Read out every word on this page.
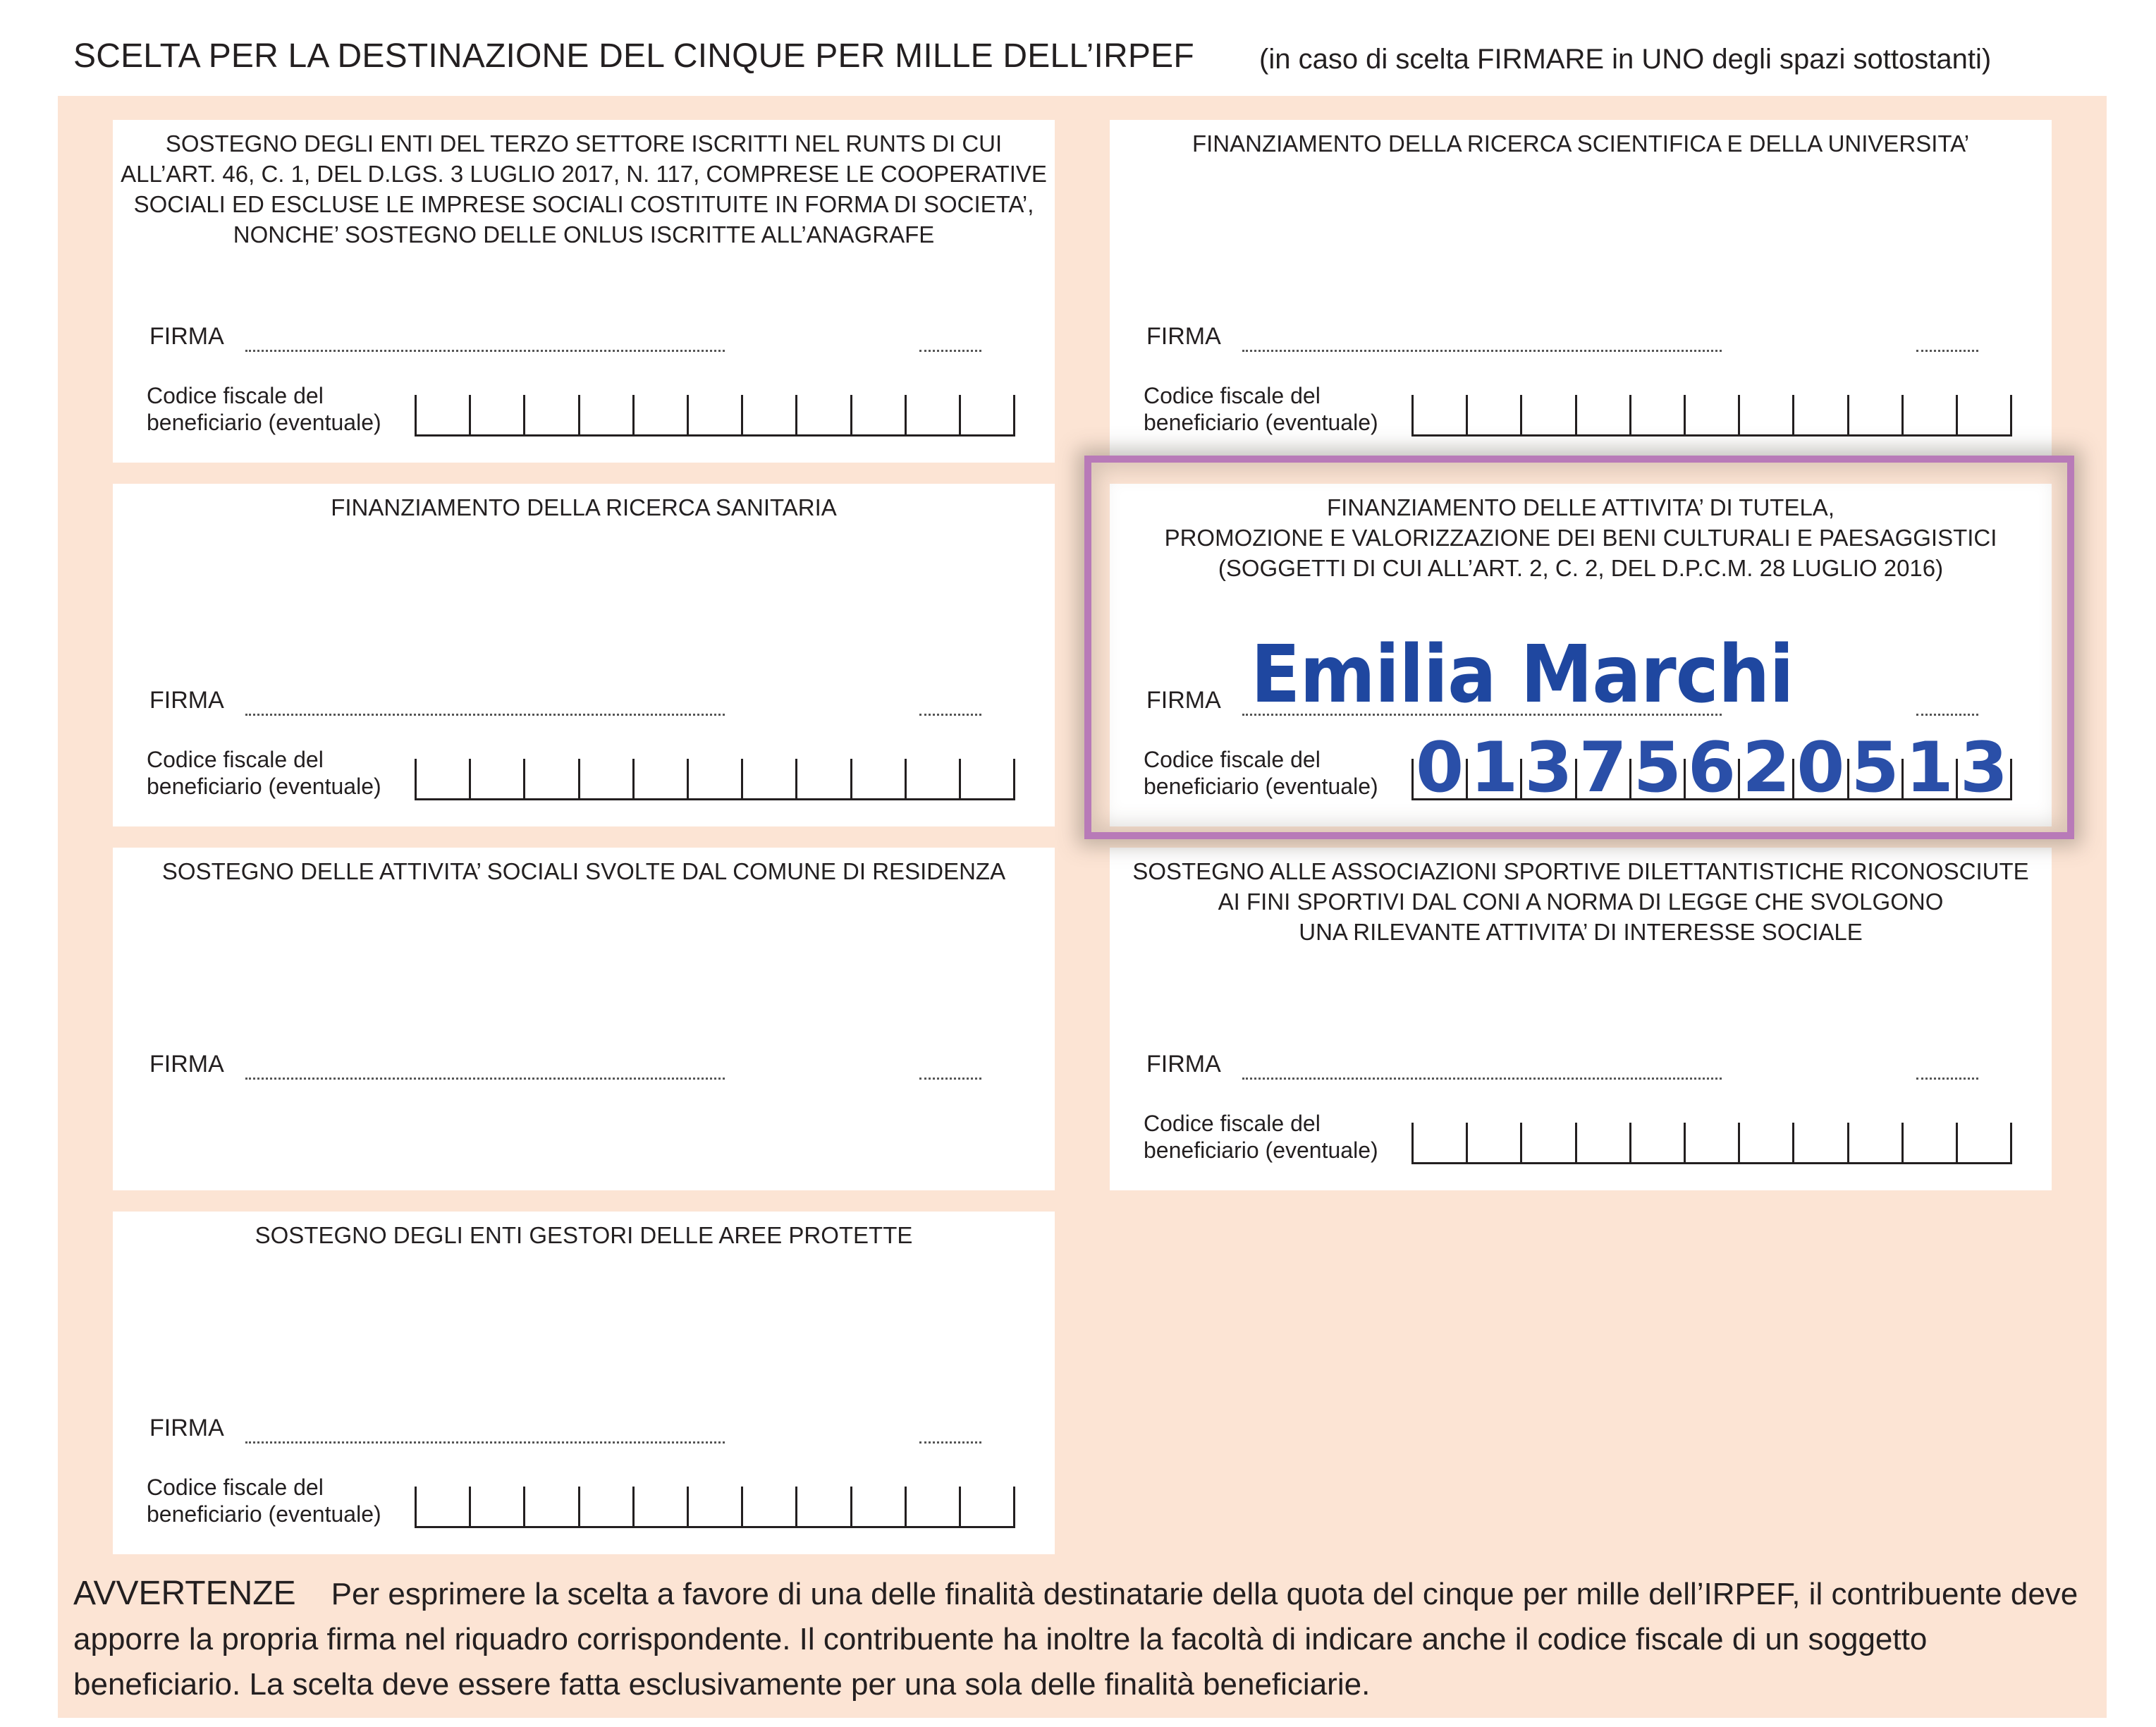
SCELTA PER LA DESTINAZIONE DEL CINQUE PER MILLE DELL’IRPEF (in caso di scelta FIRMARE in UNO degli spazi sottostanti)
SOSTEGNO DEGLI ENTI DEL TERZO SETTORE ISCRITTI NEL RUNTS DI CUI
ALL’ART. 46, C. 1, DEL D.LGS. 3 LUGLIO 2017, N. 117, COMPRESE LE COOPERATIVE
SOCIALI ED ESCLUSE LE IMPRESE SOCIALI COSTITUITE IN FORMA DI SOCIETA’,
NONCHE’ SOSTEGNO DELLE ONLUS ISCRITTE ALL’ANAGRAFE
FIRMA
Codice fiscale del
beneficiario (eventuale)
FINANZIAMENTO DELLA RICERCA SCIENTIFICA E DELLA UNIVERSITA’
FIRMA
Codice fiscale del
beneficiario (eventuale)
FINANZIAMENTO DELLA RICERCA SANITARIA
FIRMA
Codice fiscale del
beneficiario (eventuale)
FINANZIAMENTO DELLE ATTIVITA’ DI TUTELA,
PROMOZIONE E VALORIZZAZIONE DEI BENI CULTURALI E PAESAGGISTICI
(SOGGETTI DI CUI ALL’ART. 2, C. 2, DEL D.P.C.M. 28 LUGLIO 2016)
FIRMA Emilia Marchi
Codice fiscale del
beneficiario (eventuale) 0 1 3 7 5 6 2 0 5 1 3
SOSTEGNO DELLE ATTIVITA’ SOCIALI SVOLTE DAL COMUNE DI RESIDENZA
FIRMA
SOSTEGNO ALLE ASSOCIAZIONI SPORTIVE DILETTANTISTICHE RICONOSCIUTE
AI FINI SPORTIVI DAL CONI A NORMA DI LEGGE CHE SVOLGONO
UNA RILEVANTE ATTIVITA’ DI INTERESSE SOCIALE
FIRMA
Codice fiscale del
beneficiario (eventuale)
SOSTEGNO DEGLI ENTI GESTORI DELLE AREE PROTETTE
FIRMA
Codice fiscale del
beneficiario (eventuale)
AVVERTENZE Per esprimere la scelta a favore di una delle finalità destinatarie della quota del cinque per mille dell’IRPEF, il contribuente deve apporre la propria firma nel riquadro corrispondente. Il contribuente ha inoltre la facoltà di indicare anche il codice fiscale di un soggetto beneficiario. La scelta deve essere fatta esclusivamente per una sola delle finalità beneficiarie.
